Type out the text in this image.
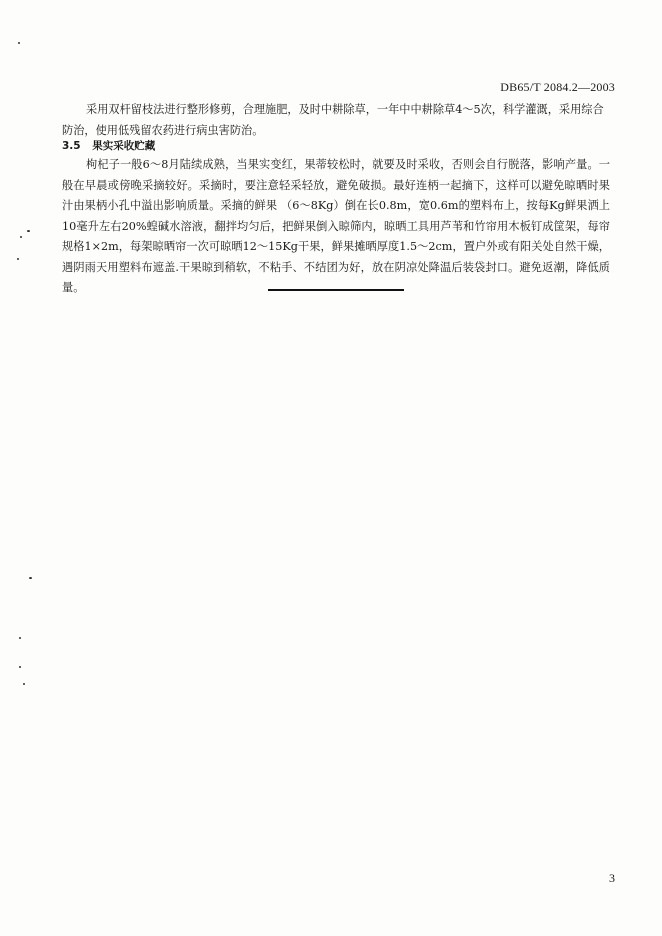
DB65/T 2084.2—2003
采用双杆留枝法进行整形修剪，合理施肥，及时中耕除草，一年中中耕除草4～5次，科学灌溉，采用综合防治，使用低残留农药进行病虫害防治。
3.5 果实采收贮藏
枸杞子一般6～8月陆续成熟，当果实变红，果蒂较松时，就要及时采收，否则会自行脱落，影响产量。一般在早晨或傍晚采摘较好。采摘时，要注意轻采轻放，避免破损。最好连柄一起摘下，这样可以避免晾晒时果汁由果柄小孔中溢出影响质量。采摘的鲜果 （6～8Kg）倒在长0.8m，宽0.6m的塑料布上，按每Kg鲜果洒上10毫升左右20%蝗碱水溶液，翻拌均匀后，把鲜果倒入晾筛内，晾晒工具用芦苇和竹帘用木板钉成筐架，每帘规格1×2m，每架晾晒帘一次可晾晒12～15Kg干果，鲜果摊晒厚度1.5～2cm，置户外或有阳关处自然干燥，遇阴雨天用塑料布遮盖.干果晾到稍软，不粘手、不结团为好，放在阴凉处降温后装袋封口。避免返潮，降低质量。
3
